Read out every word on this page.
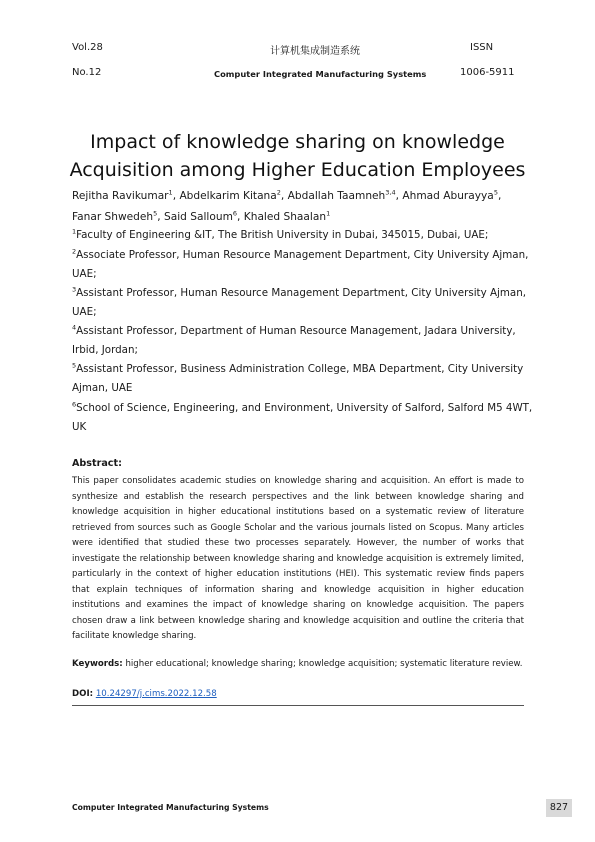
Vol.28	计算机集成制造系统	ISSN
No.12	Computer Integrated Manufacturing Systems	1006-5911
Impact of knowledge sharing on knowledge
Acquisition among Higher Education Employees
Rejitha Ravikumar$^1$, Abdelkarim Kitana$^2$, Abdallah Taamneh$^{3,4}$, Ahmad Aburayya$^5$,
Fanar Shwedeh$^5$, Said Salloum$^6$, Khaled Shaalan$^1$
$^1$Faculty of Engineering &IT, The British University in Dubai, 345015, Dubai, UAE;
$^2$Associate Professor, Human Resource Management Department, City University Ajman, UAE;
$^3$Assistant Professor, Human Resource Management Department, City University Ajman, UAE;
$^4$Assistant Professor, Department of Human Resource Management, Jadara University, Irbid, Jordan;
$^5$Assistant Professor, Business Administration College, MBA Department, City University Ajman, UAE
$^6$School of Science, Engineering, and Environment, University of Salford, Salford M5 4WT, UK
Abstract:
This paper consolidates academic studies on knowledge sharing and acquisition. An effort is made to synthesize and establish the research perspectives and the link between knowledge sharing and knowledge acquisition in higher educational institutions based on a systematic review of literature retrieved from sources such as Google Scholar and the various journals listed on Scopus. Many articles were identified that studied these two processes separately. However, the number of works that investigate the relationship between knowledge sharing and knowledge acquisition is extremely limited, particularly in the context of higher education institutions (HEI). This systematic review finds papers that explain techniques of information sharing and knowledge acquisition in higher education institutions and examines the impact of knowledge sharing on knowledge acquisition. The papers chosen draw a link between knowledge sharing and knowledge acquisition and outline the criteria that facilitate knowledge sharing.
Keywords: higher educational; knowledge sharing; knowledge acquisition; systematic literature review.
DOI: 10.24297/j.cims.2022.12.58
Computer Integrated Manufacturing Systems	827
